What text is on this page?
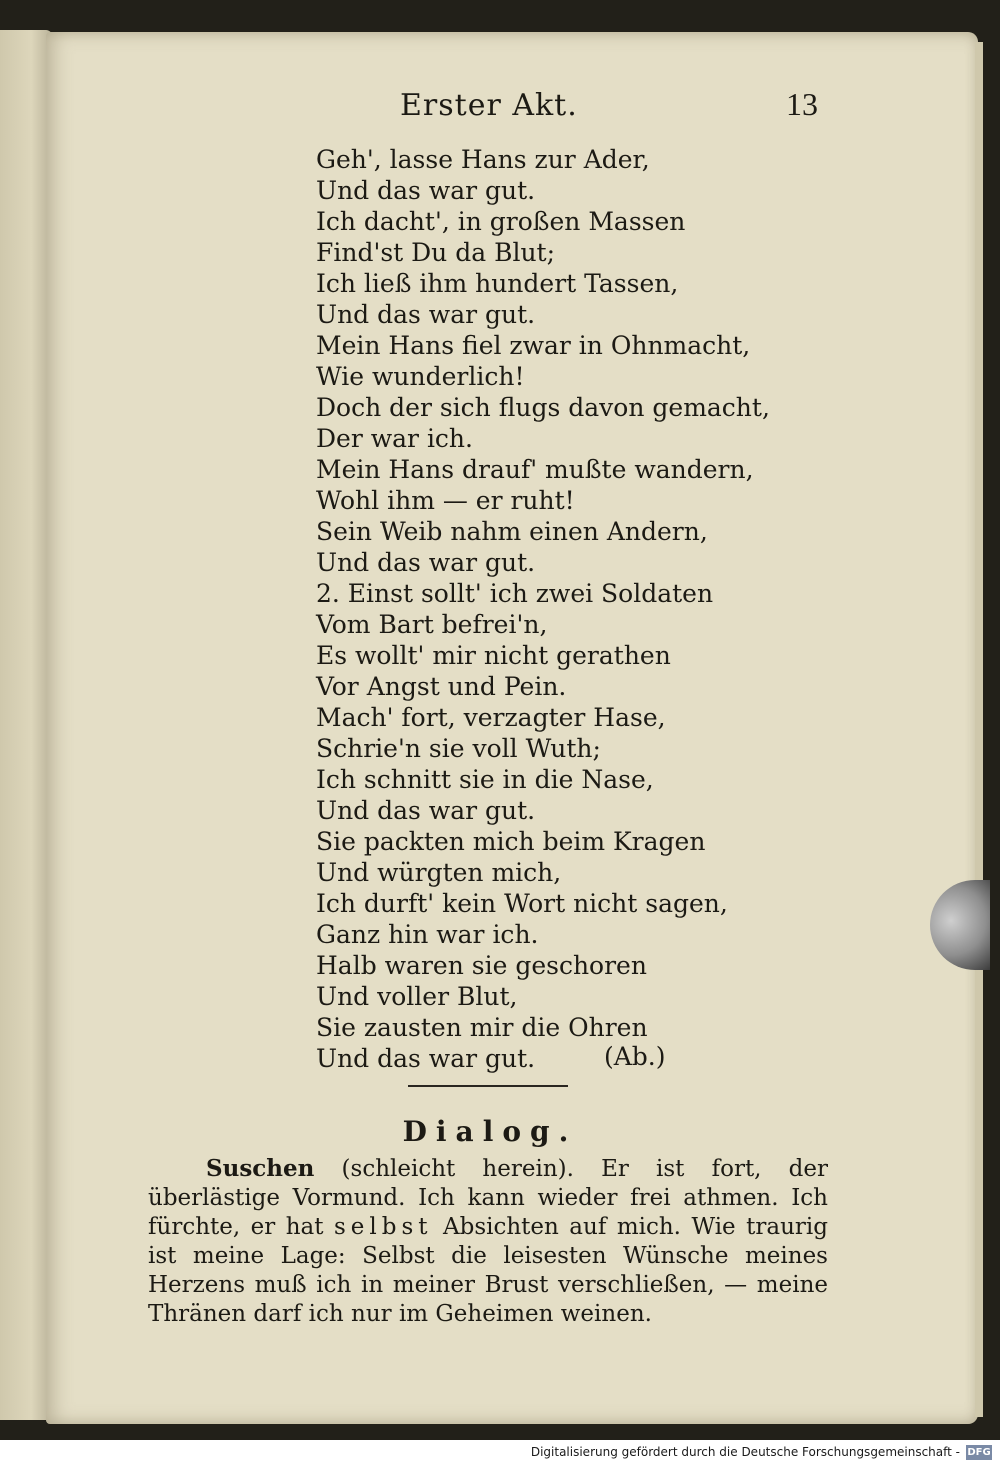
Erster Akt.	13
Geh', lasse Hans zur Ader,
Und das war gut.
Ich dacht', in großen Massen
Find'st Du da Blut;
Ich ließ ihm hundert Tassen,
Und das war gut.
Mein Hans fiel zwar in Ohnmacht,
Wie wunderlich!
Doch der sich flugs davon gemacht,
Der war ich.
Mein Hans drauf' mußte wandern,
Wohl ihm — er ruht!
Sein Weib nahm einen Andern,
Und das war gut.
2. Einst sollt' ich zwei Soldaten
Vom Bart befrei'n,
Es wollt' mir nicht gerathen
Vor Angst und Pein.
Mach' fort, verzagter Hase,
Schrie'n sie voll Wuth;
Ich schnitt sie in die Nase,
Und das war gut.
Sie packten mich beim Kragen
Und würgten mich,
Ich durft' kein Wort nicht sagen,
Ganz hin war ich.
Halb waren sie geschoren
Und voller Blut,
Sie zausten mir die Ohren
Und das war gut.	(Ab.)
Dialog.
Suschen (schleicht herein). Er ist fort, der überlästige Vormund. Ich kann wieder frei athmen. Ich fürchte, er hat selbst Absichten auf mich. Wie traurig ist meine Lage: Selbst die leisesten Wünsche meines Herzens muß ich in meiner Brust verschließen, — meine Thränen darf ich nur im Geheimen weinen.
Digitalisierung gefördert durch die Deutsche Forschungsgemeinschaft - DFG
